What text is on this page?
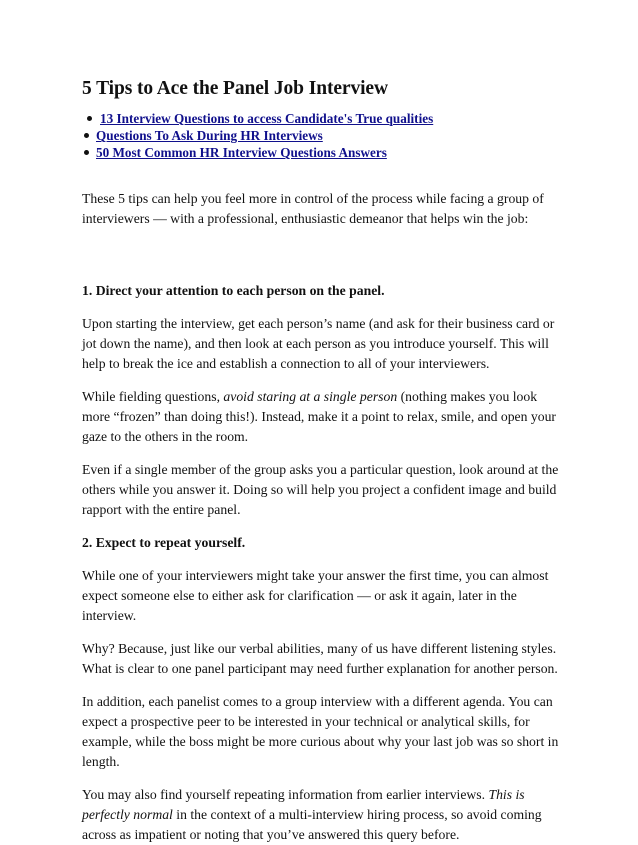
5 Tips to Ace the Panel Job Interview
13 Interview Questions to access Candidate's True qualities
Questions To Ask During HR Interviews
50 Most Common HR Interview Questions Answers

These 5 tips can help you feel more in control of the process while facing a group of interviewers — with a professional, enthusiastic demeanor that helps win the job:

1. Direct your attention to each person on the panel.

Upon starting the interview, get each person’s name (and ask for their business card or jot down the name), and then look at each person as you introduce yourself. This will help to break the ice and establish a connection to all of your interviewers.

While fielding questions, avoid staring at a single person (nothing makes you look more “frozen” than doing this!). Instead, make it a point to relax, smile, and open your gaze to the others in the room.

Even if a single member of the group asks you a particular question, look around at the others while you answer it. Doing so will help you project a confident image and build rapport with the entire panel.

2. Expect to repeat yourself.

While one of your interviewers might take your answer the first time, you can almost expect someone else to either ask for clarification — or ask it again, later in the interview.

Why? Because, just like our verbal abilities, many of us have different listening styles. What is clear to one panel participant may need further explanation for another person.

In addition, each panelist comes to a group interview with a different agenda. You can expect a prospective peer to be interested in your technical or analytical skills, for example, while the boss might be more curious about why your last job was so short in length.

You may also find yourself repeating information from earlier interviews. This is perfectly normal in the context of a multi-interview hiring process, so avoid coming across as impatient or noting that you’ve answered this query before.
